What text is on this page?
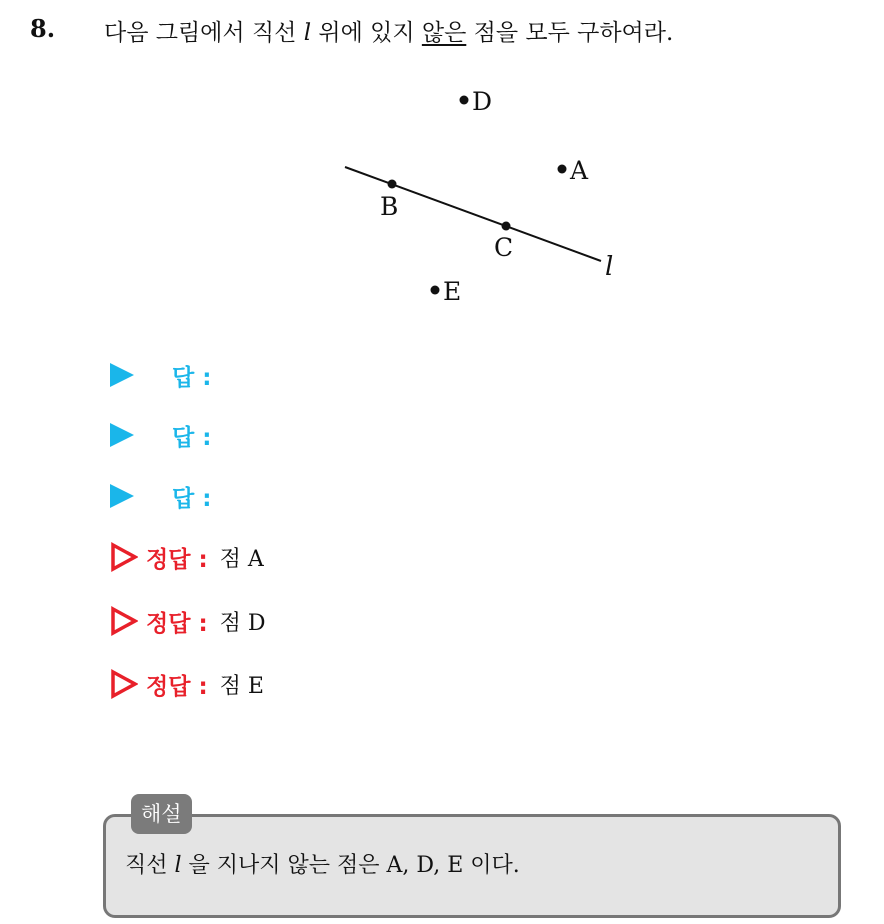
8. 다음 그림에서 직선 l 위에 있지 않은 점을 모두 구하여라.
D
A
B
C
E
l
답 :
답 :
답 :
정답 : 점 A
정답 : 점 D
정답 : 점 E
해설
직선 l 을 지나지 않는 점은 A, D, E 이다.
